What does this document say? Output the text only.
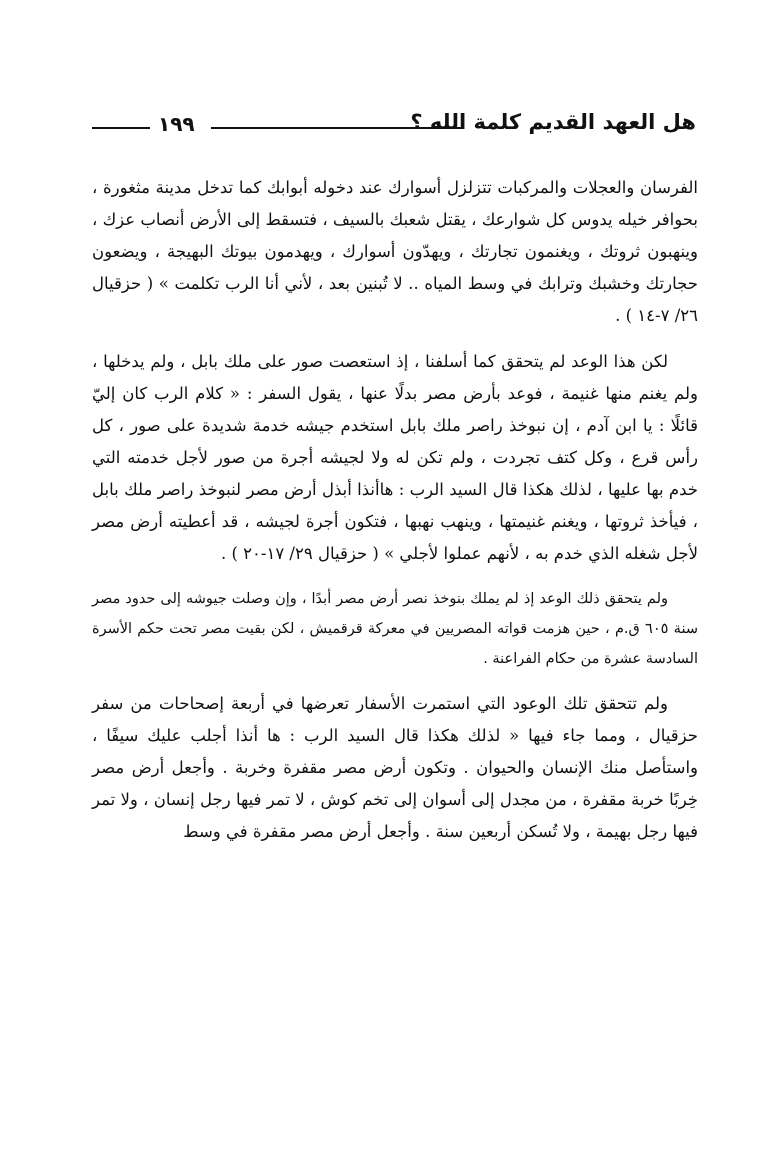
١٩٩	هل العهد القديم كلمة الله ؟

الفرسان والعجلات والمركبات تتزلزل أسوارك عند دخوله أبوابك كما تدخل مدينة مثغورة ، بحوافر خيله يدوس كل شوارعك ، يقتل شعبك بالسيف ، فتسقط إلى الأرض أنصاب عزك ، وينهبون ثروتك ، ويغنمون تجارتك ، ويهدّون أسوارك ، ويهدمون بيوتك البهيجة ، ويضعون حجارتك وخشبك وترابك في وسط المياه .. لا تُبنين بعد ، لأني أنا الرب تكلمت » ( حزقيال ٢٦/ ٧-١٤ ) .

لكن هذا الوعد لم يتحقق كما أسلفنا ، إذ استعصت صور على ملك بابل ، ولم يدخلها ، ولم يغنم منها غنيمة ، فوعد بأرض مصر بدلًا عنها ، يقول السفر : « كلام الرب كان إليّ قائلًا : يا ابن آدم ، إن نبوخذ راصر ملك بابل استخدم جيشه خدمة شديدة على صور ، كل رأس قرع ، وكل كتف تجردت ، ولم تكن له ولا لجيشه أجرة من صور لأجل خدمته التي خدم بها عليها ، لذلك هكذا قال السيد الرب : هاأنذا أبذل أرض مصر لنبوخذ راصر ملك بابل ، فيأخذ ثروتها ، ويغنم غنيمتها ، وينهب نهبها ، فتكون أجرة لجيشه ، قد أعطيته أرض مصر لأجل شغله الذي خدم به ، لأنهم عملوا لأجلي » ( حزقيال ٢٩/ ١٧-٢٠ ) .

ولم يتحقق ذلك الوعد إذ لم يملك بنوخذ نصر أرض مصر أبدًا ، وإن وصلت جيوشه إلى حدود مصر سنة ٦٠٥ ق.م ، حين هزمت قواته المصريين في معركة قرقميش ، لكن بقيت مصر تحت حكم الأسرة السادسة عشرة من حكام الفراعنة .

ولم تتحقق تلك الوعود التي استمرت الأسفار تعرضها في أربعة إصحاحات من سفر حزقيال ، ومما جاء فيها « لذلك هكذا قال السيد الرب : ها أنذا أجلب عليك سيفًا ، واستأصل منك الإنسان والحيوان . وتكون أرض مصر مقفرة وخربة . وأجعل أرض مصر خِربًا خربة مقفرة ، من مجدل إلى أسوان إلى تخم كوش ، لا تمر فيها رجل إنسان ، ولا تمر فيها رجل بهيمة ، ولا تُسكن أربعين سنة . وأجعل أرض مصر مقفرة في وسط
